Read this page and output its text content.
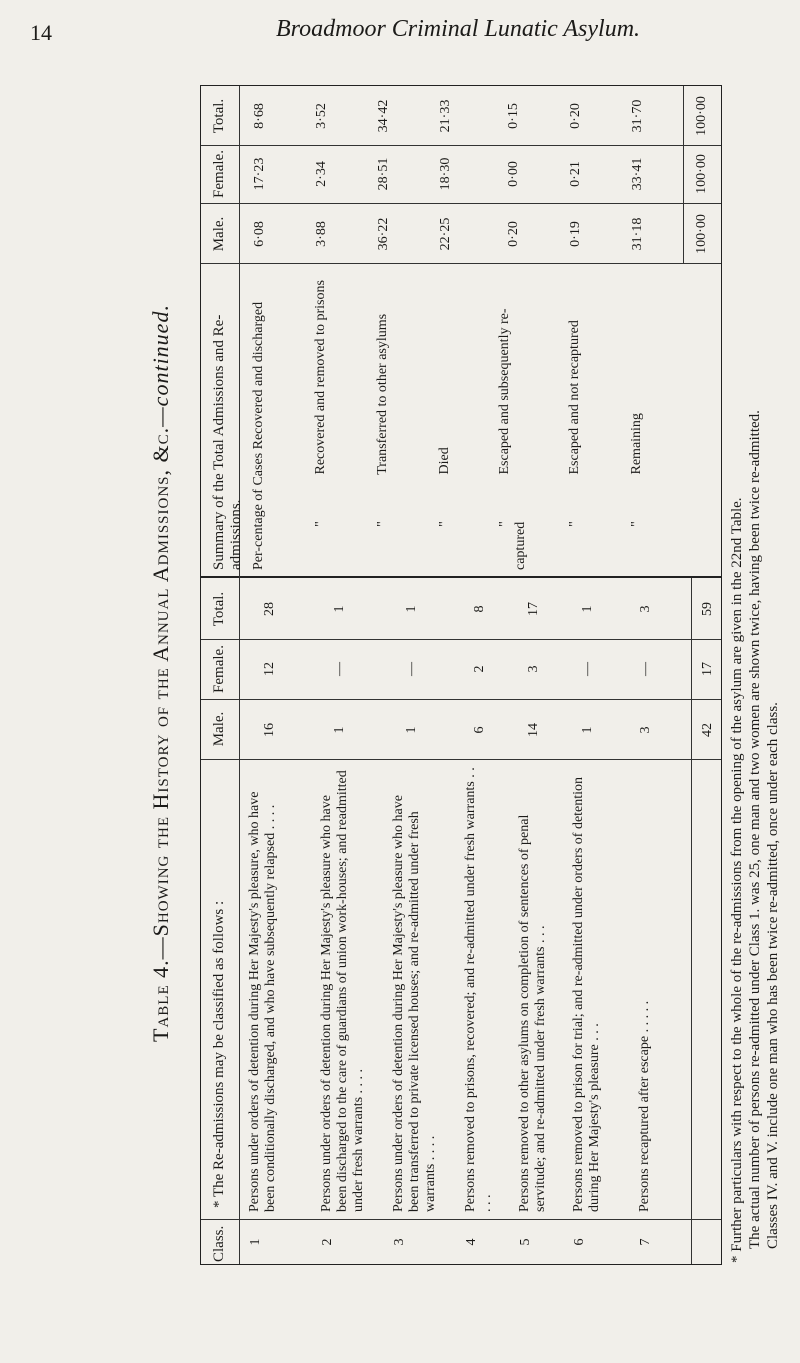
14	Broadmoor Criminal Lunatic Asylum.
Table 4.—Showing the History of the Annual Admissions, &c.—continued.
Class.
* The Re-admissions may be classified as follows :
Male.
Female.
Total.
1
Persons under orders of detention during Her Majesty's pleasure, who have been conditionally discharged, and who have subsequently relapsed . . . .
16
12
28
2
Persons under orders of detention during Her Majesty's pleasure who have been discharged to the care of guardians of union work-houses; and readmitted under fresh warrants . . . .
1
—
1
3
Persons under orders of detention during Her Majesty's pleasure who have been transferred to private licensed houses; and re-admitted under fresh warrants . . . .
1
—
1
4
Persons removed to prisons, recovered; and re-admitted under fresh warrants . . . . .
6
2
8
5
Persons removed to other asylums on completion of sentences of penal servitude; and re-admitted under fresh warrants . . .
14
3
17
6
Persons removed to prison for trial; and re-admitted under orders of detention during Her Majesty's pleasure . . .
1
—
1
7
Persons recaptured after escape . . . . .
3
—
3
42
17
59
Summary of the Total Admissions and Re-admissions.
Male.
Female.
Total.
Per-centage of Cases Recovered and discharged
6·08
17·23
8·68
" Recovered and removed to prisons
3·88
2·34
3·52
" Transferred to other asylums
36·22
28·51
34·42
" Died
22·25
18·30
21·33
" Escaped and subsequently re-captured
0·20
0·00
0·15
" Escaped and not recaptured
0·19
0·21
0·20
" Remaining
31·18
33·41
31·70
100·00
100·00
100·00
* Further particulars with respect to the whole of the re-admissions from the opening of the asylum are given in the 22nd Table. The actual number of persons re-admitted under Class 1. was 25, one man and two women are shown twice, having been twice re-admitted. Classes IV. and V. include one man who has been twice re-admitted, once under each class.
